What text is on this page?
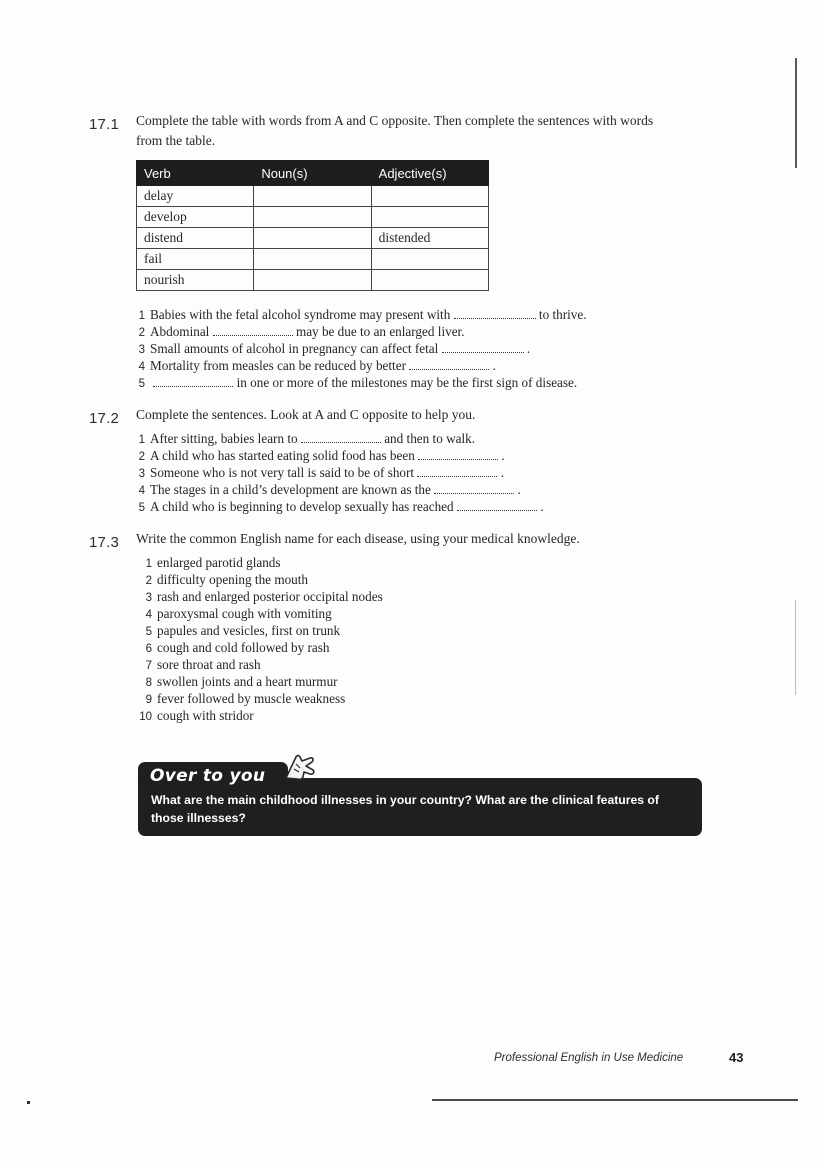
17.1 Complete the table with words from A and C opposite. Then complete the sentences with words from the table.
Verb	Noun(s)	Adjective(s)
delay		
develop		
distend		distended
fail		
nourish		
1 Babies with the fetal alcohol syndrome may present with	to thrive.
2 Abdominal	may be due to an enlarged liver.
3 Small amounts of alcohol in pregnancy can affect fetal	.
4 Mortality from measles can be reduced by better	.
5	in one or more of the milestones may be the first sign of disease.
17.2 Complete the sentences. Look at A and C opposite to help you.
1 After sitting, babies learn to	and then to walk.
2 A child who has started eating solid food has been	.
3 Someone who is not very tall is said to be of short	.
4 The stages in a child’s development are known as the	.
5 A child who is beginning to develop sexually has reached	.
17.3 Write the common English name for each disease, using your medical knowledge.
1 enlarged parotid glands
2 difficulty opening the mouth
3 rash and enlarged posterior occipital nodes
4 paroxysmal cough with vomiting
5 papules and vesicles, first on trunk
6 cough and cold followed by rash
7 sore throat and rash
8 swollen joints and a heart murmur
9 fever followed by muscle weakness
10 cough with stridor
Over to you
What are the main childhood illnesses in your country? What are the clinical features of those illnesses?
Professional English in Use Medicine	43
